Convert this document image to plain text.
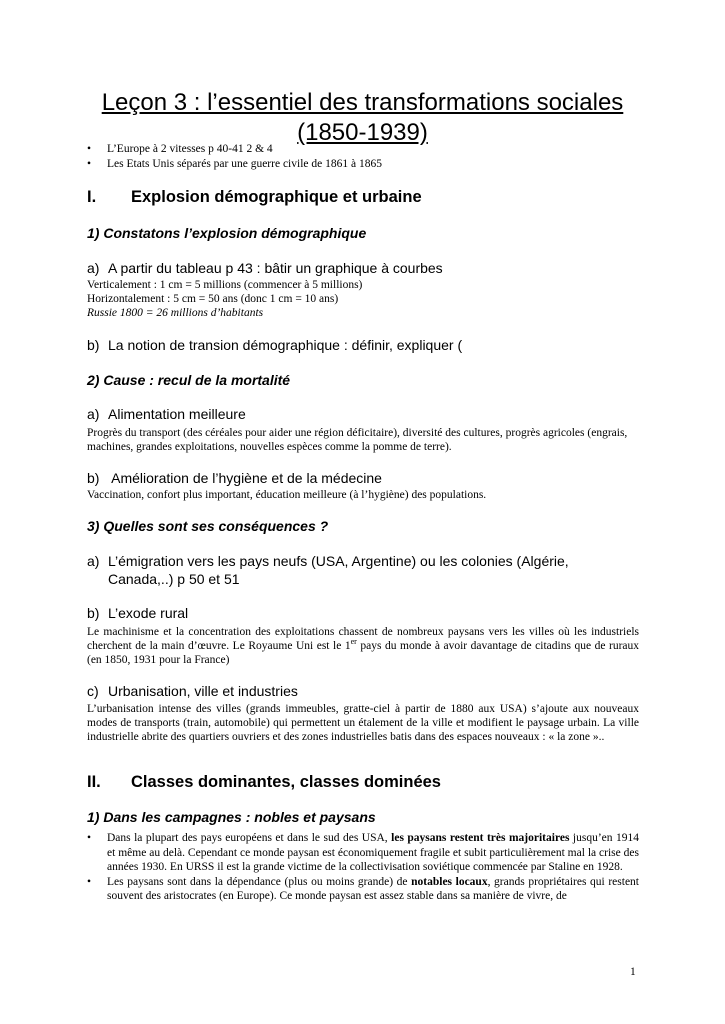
Leçon 3 : l’essentiel des transformations sociales
(1850-1939)
• L’Europe à 2 vitesses p 40-41 2 & 4
• Les Etats Unis séparés par une guerre civile de 1861 à 1865
I. Explosion démographique et urbaine
1) Constatons l’explosion démographique
a) A partir du tableau p 43 : bâtir un graphique à courbes
Verticalement : 1 cm = 5 millions (commencer à 5 millions)
Horizontalement : 5 cm = 50 ans (donc 1 cm = 10 ans)
Russie 1800 = 26 millions d’habitants
b) La notion de transion démographique : définir, expliquer (
2) Cause : recul de la mortalité
a) Alimentation meilleure

Progrès du transport (des céréales pour aider une région déficitaire), diversité des cultures, progrès agricoles (engrais, machines, grandes exploitations, nouvelles espèces comme la pomme de terre).

b) Amélioration de l’hygiène et de la médecine

Vaccination, confort plus important, éducation meilleure (à l’hygiène) des populations.

3) Quelles sont ses conséquences ?
a) L’émigration vers les pays neufs (USA, Argentine) ou les colonies (Algérie,
Canada,..) p 50 et 51
b) L’exode rural

Le machinisme et la concentration des exploitations chassent de nombreux paysans vers les villes où les industriels cherchent de la main d’œuvre. Le Royaume Uni est le 1er pays du monde à avoir davantage de citadins que de ruraux (en 1850, 1931 pour la France)

c) Urbanisation, ville et industries

L’urbanisation intense des villes (grands immeubles, gratte-ciel à partir de 1880 aux USA) s’ajoute aux nouveaux modes de transports (train, automobile) qui permettent un étalement de la ville et modifient le paysage urbain. La ville industrielle abrite des quartiers ouvriers et des zones industrielles batis dans des espaces nouveaux : « la zone »..

II. Classes dominantes, classes dominées
1) Dans les campagnes : nobles et paysans
• Dans la plupart des pays européens et dans le sud des USA, les paysans restent très majoritaires jusqu’en 1914 et même au delà. Cependant ce monde paysan est économiquement fragile et subit particulièrement mal la crise des années 1930. En URSS il est la grande victime de la collectivisation soviétique commencée par Staline en 1928.
• Les paysans sont dans la dépendance (plus ou moins grande) de notables locaux, grands propriétaires qui restent souvent des aristocrates (en Europe). Ce monde paysan est assez stable dans sa manière de vivre, de
1
